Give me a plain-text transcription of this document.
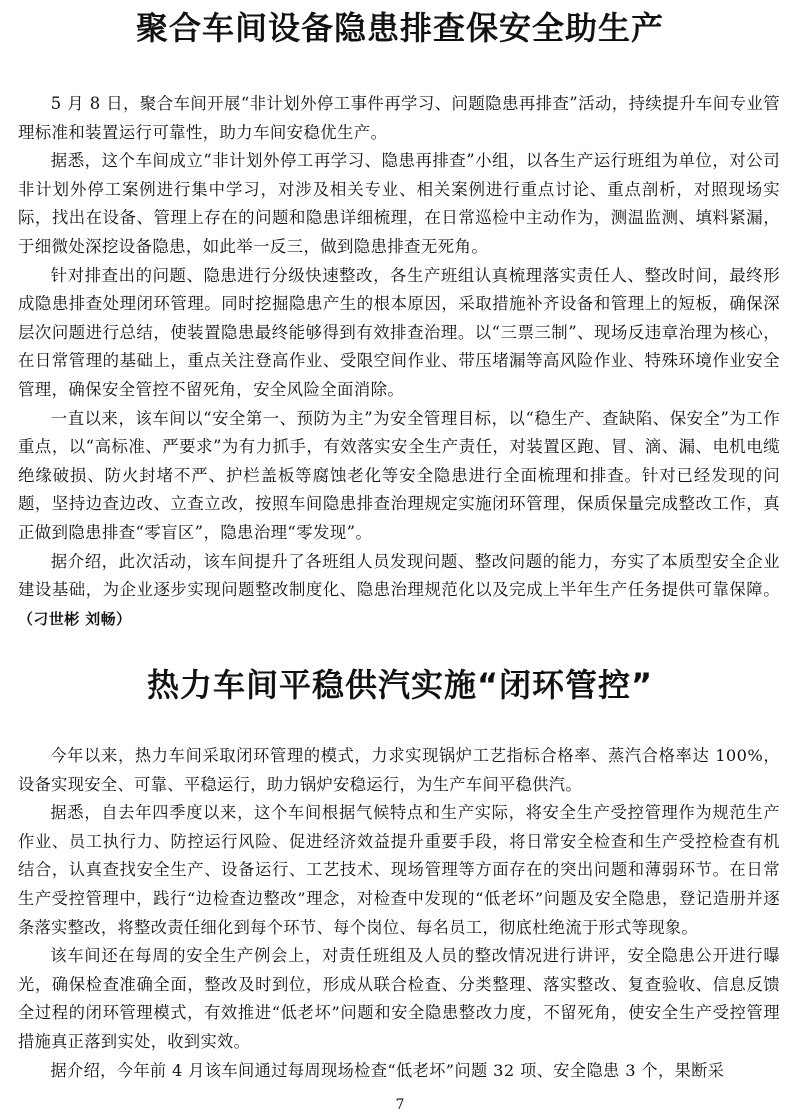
聚合车间设备隐患排查保安全助生产

5 月 8 日，聚合车间开展“非计划外停工事件再学习、问题隐患再排查”活动，持续提升车间专业管理标准和装置运行可靠性，助力车间安稳优生产。

据悉，这个车间成立“非计划外停工再学习、隐患再排查”小组，以各生产运行班组为单位，对公司非计划外停工案例进行集中学习，对涉及相关专业、相关案例进行重点讨论、重点剖析，对照现场实际，找出在设备、管理上存在的问题和隐患详细梳理，在日常巡检中主动作为，测温监测、填料紧漏，于细微处深挖设备隐患，如此举一反三，做到隐患排查无死角。

针对排查出的问题、隐患进行分级快速整改，各生产班组认真梳理落实责任人、整改时间，最终形成隐患排查处理闭环管理。同时挖掘隐患产生的根本原因，采取措施补齐设备和管理上的短板，确保深层次问题进行总结，使装置隐患最终能够得到有效排查治理。以“三票三制”、现场反违章治理为核心，在日常管理的基础上，重点关注登高作业、受限空间作业、带压堵漏等高风险作业、特殊环境作业安全管理，确保安全管控不留死角，安全风险全面消除。

一直以来，该车间以“安全第一、预防为主”为安全管理目标，以“稳生产、查缺陷、保安全”为工作重点，以“高标准、严要求”为有力抓手，有效落实安全生产责任，对装置区跑、冒、滴、漏、电机电缆绝缘破损、防火封堵不严、护栏盖板等腐蚀老化等安全隐患进行全面梳理和排查。针对已经发现的问题，坚持边查边改、立查立改，按照车间隐患排查治理规定实施闭环管理，保质保量完成整改工作，真正做到隐患排查“零盲区”，隐患治理“零发现”。

据介绍，此次活动，该车间提升了各班组人员发现问题、整改问题的能力，夯实了本质型安全企业建设基础，为企业逐步实现问题整改制度化、隐患治理规范化以及完成上半年生产任务提供可靠保障。（刁世彬 刘畅）

热力车间平稳供汽实施“闭环管控”

今年以来，热力车间采取闭环管理的模式，力求实现锅炉工艺指标合格率、蒸汽合格率达 100%，设备实现安全、可靠、平稳运行，助力锅炉安稳运行，为生产车间平稳供汽。

据悉，自去年四季度以来，这个车间根据气候特点和生产实际，将安全生产受控管理作为规范生产作业、员工执行力、防控运行风险、促进经济效益提升重要手段，将日常安全检查和生产受控检查有机结合，认真查找安全生产、设备运行、工艺技术、现场管理等方面存在的突出问题和薄弱环节。在日常生产受控管理中，践行“边检查边整改”理念，对检查中发现的“低老坏”问题及安全隐患，登记造册并逐条落实整改，将整改责任细化到每个环节、每个岗位、每名员工，彻底杜绝流于形式等现象。

该车间还在每周的安全生产例会上，对责任班组及人员的整改情况进行讲评，安全隐患公开进行曝光，确保检查准确全面，整改及时到位，形成从联合检查、分类整理、落实整改、复查验收、信息反馈全过程的闭环管理模式，有效推进“低老坏”问题和安全隐患整改力度，不留死角，使安全生产受控管理措施真正落到实处，收到实效。

据介绍，今年前 4 月该车间通过每周现场检查“低老坏”问题 32 项、安全隐患 3 个，果断采

7
